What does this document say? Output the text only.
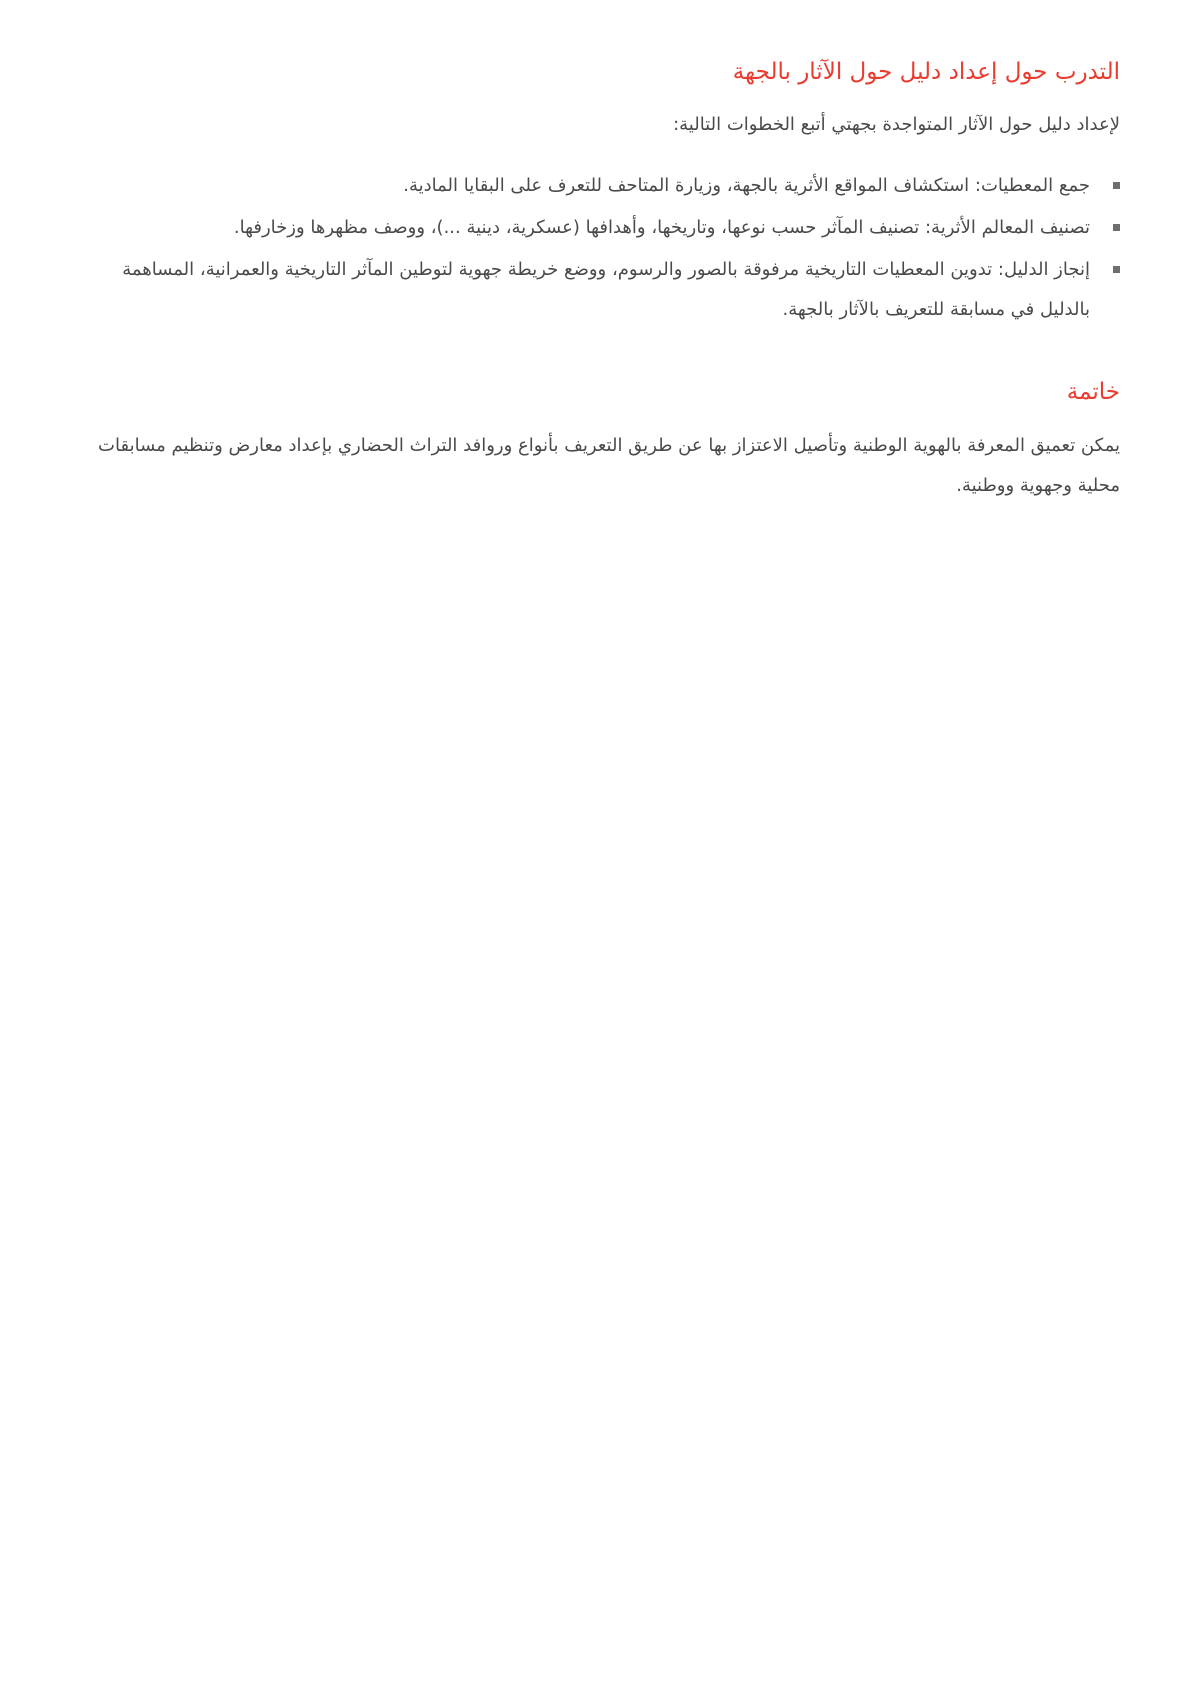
التدرب حول إعداد دليل حول الآثار بالجهة

لإعداد دليل حول الآثار المتواجدة بجهتي أتبع الخطوات التالية:

جمع المعطيات: استكشاف المواقع الأثرية بالجهة، وزيارة المتاحف للتعرف على البقايا المادية.
تصنيف المعالم الأثرية: تصنيف المآثر حسب نوعها، وتاريخها، وأهدافها (عسكرية، دينية ...)، ووصف مظهرها وزخارفها.
إنجاز الدليل: تدوين المعطيات التاريخية مرفوقة بالصور والرسوم، ووضع خريطة جهوية لتوطين المآثر التاريخية والعمرانية، المساهمة بالدليل في مسابقة للتعريف بالآثار بالجهة.
خاتمة

يمكن تعميق المعرفة بالهوية الوطنية وتأصيل الاعتزاز بها عن طريق التعريف بأنواع وروافد التراث الحضاري بإعداد معارض وتنظيم مسابقات محلية وجهوية ووطنية.
